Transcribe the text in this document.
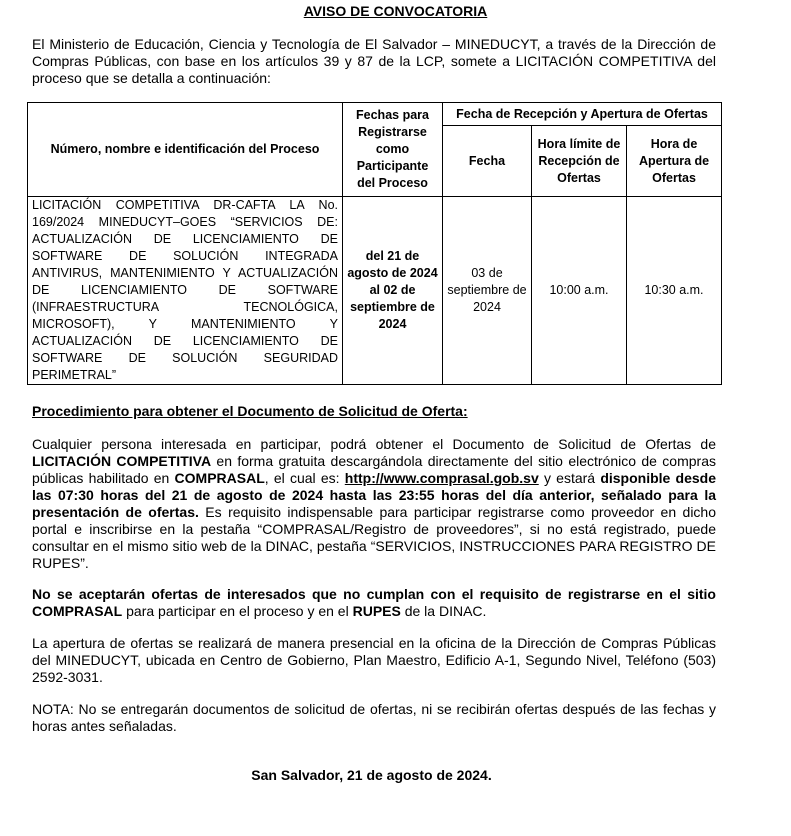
AVISO DE CONVOCATORIA

El Ministerio de Educación, Ciencia y Tecnología de El Salvador – MINEDUCYT, a través de la Dirección de Compras Públicas, con base en los artículos 39 y 87 de la LCP, somete a LICITACIÓN COMPETITIVA del proceso que se detalla a continuación:

Número, nombre e identificación del Proceso	Fechas para Registrarse como Participante del Proceso	Fecha de Recepción y Apertura de Ofertas		
		Fecha	Hora límite de Recepción de Ofertas	Hora de Apertura de Ofertas
LICITACIÓN COMPETITIVA DR-CAFTA LA No. 169/2024 MINEDUCYT–GOES “SERVICIOS DE: ACTUALIZACIÓN DE LICENCIAMIENTO DE SOFTWARE DE SOLUCIÓN INTEGRADA ANTIVIRUS, MANTENIMIENTO Y ACTUALIZACIÓN DE LICENCIAMIENTO DE SOFTWARE (INFRAESTRUCTURA TECNOLÓGICA, MICROSOFT), Y MANTENIMIENTO Y ACTUALIZACIÓN DE LICENCIAMIENTO DE SOFTWARE DE SOLUCIÓN SEGURIDAD PERIMETRAL”	del 21 de agosto de 2024 al 02 de septiembre de 2024	03 de septiembre de 2024	10:00 a.m.	10:30 a.m.

Procedimiento para obtener el Documento de Solicitud de Oferta:

Cualquier persona interesada en participar, podrá obtener el Documento de Solicitud de Ofertas de LICITACIÓN COMPETITIVA en forma gratuita descargándola directamente del sitio electrónico de compras públicas habilitado en COMPRASAL, el cual es: http://www.comprasal.gob.sv y estará disponible desde las 07:30 horas del 21 de agosto de 2024 hasta las 23:55 horas del día anterior, señalado para la presentación de ofertas. Es requisito indispensable para participar registrarse como proveedor en dicho portal e inscribirse en la pestaña “COMPRASAL/Registro de proveedores”, si no está registrado, puede consultar en el mismo sitio web de la DINAC, pestaña “SERVICIOS, INSTRUCCIONES PARA REGISTRO DE RUPES”.

No se aceptarán ofertas de interesados que no cumplan con el requisito de registrarse en el sitio COMPRASAL para participar en el proceso y en el RUPES de la DINAC.

La apertura de ofertas se realizará de manera presencial en la oficina de la Dirección de Compras Públicas del MINEDUCYT, ubicada en Centro de Gobierno, Plan Maestro, Edificio A-1, Segundo Nivel, Teléfono (503) 2592-3031.

NOTA: No se entregarán documentos de solicitud de ofertas, ni se recibirán ofertas después de las fechas y horas antes señaladas.

San Salvador, 21 de agosto de 2024.
